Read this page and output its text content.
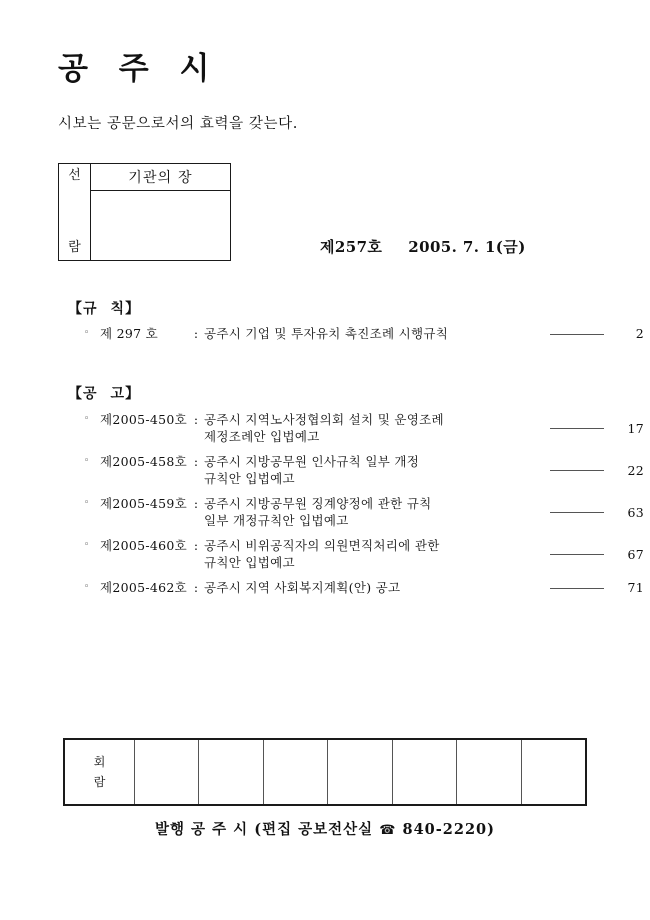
공 주 시
시보는 공문으로서의 효력을 갖는다.
선
람
기관의 장
제257호 2005. 7. 1(금)
【규칙】
◦ 제 297 호	: 공주시 기업 및 투자유치 촉진조례 시행규칙	2
【공고】
◦ 제2005-450호 : 공주시 지역노사정협의회 설치 및 운영조례
제정조례안 입법예고
17
◦ 제2005-458호 : 공주시 지방공무원 인사규칙 일부 개정
규칙안 입법예고
22
◦ 제2005-459호 : 공주시 지방공무원 징계양정에 관한 규칙
일부 개정규칙안 입법예고
63
◦ 제2005-460호 : 공주시 비위공직자의 의원면직처리에 관한
규칙안 입법예고
67
◦ 제2005-462호 : 공주시 지역 사회복지계획(안) 공고	71
회
람
발행 공 주 시 (편집 공보전산실 ☎ 840-2220)
